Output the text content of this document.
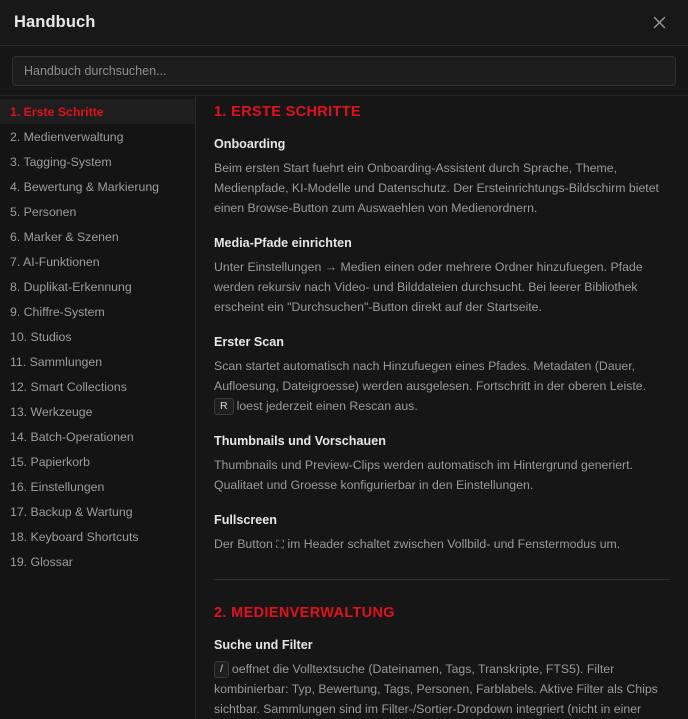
Handbuch
Handbuch durchsuchen...
1. Erste Schritte
2. Medienverwaltung
3. Tagging-System
4. Bewertung & Markierung
5. Personen
6. Marker & Szenen
7. AI-Funktionen
8. Duplikat-Erkennung
9. Chiffre-System
10. Studios
11. Sammlungen
12. Smart Collections
13. Werkzeuge
14. Batch-Operationen
15. Papierkorb
16. Einstellungen
17. Backup & Wartung
18. Keyboard Shortcuts
19. Glossar
1. ERSTE SCHRITTE
Onboarding

Beim ersten Start fuehrt ein Onboarding-Assistent durch Sprache, Theme, Medienpfade, KI-Modelle und Datenschutz. Der Ersteinrichtungs-Bildschirm bietet einen Browse-Button zum Auswaehlen von Medienordnern.

Media-Pfade einrichten

Unter Einstellungen → Medien einen oder mehrere Ordner hinzufuegen. Pfade werden rekursiv nach Video- und Bilddateien durchsucht. Bei leerer Bibliothek erscheint ein "Durchsuchen"-Button direkt auf der Startseite.

Erster Scan

Scan startet automatisch nach Hinzufuegen eines Pfades. Metadaten (Dauer, Aufloesung, Dateigroesse) werden ausgelesen. Fortschritt in der oberen Leiste. R loest jederzeit einen Rescan aus.

Thumbnails und Vorschauen

Thumbnails und Preview-Clips werden automatisch im Hintergrund generiert. Qualitaet und Groesse konfigurierbar in den Einstellungen.

Fullscreen

Der Button ⛶ im Header schaltet zwischen Vollbild- und Fenstermodus um.

2. MEDIENVERWALTUNG
Suche und Filter

/ oeffnet die Volltextsuche (Dateinamen, Tags, Transkripte, FTS5). Filter kombinierbar: Typ, Bewertung, Tags, Personen, Farblabels. Aktive Filter als Chips sichtbar. Sammlungen sind im Filter-/Sortier-Dropdown integriert (nicht in einer
